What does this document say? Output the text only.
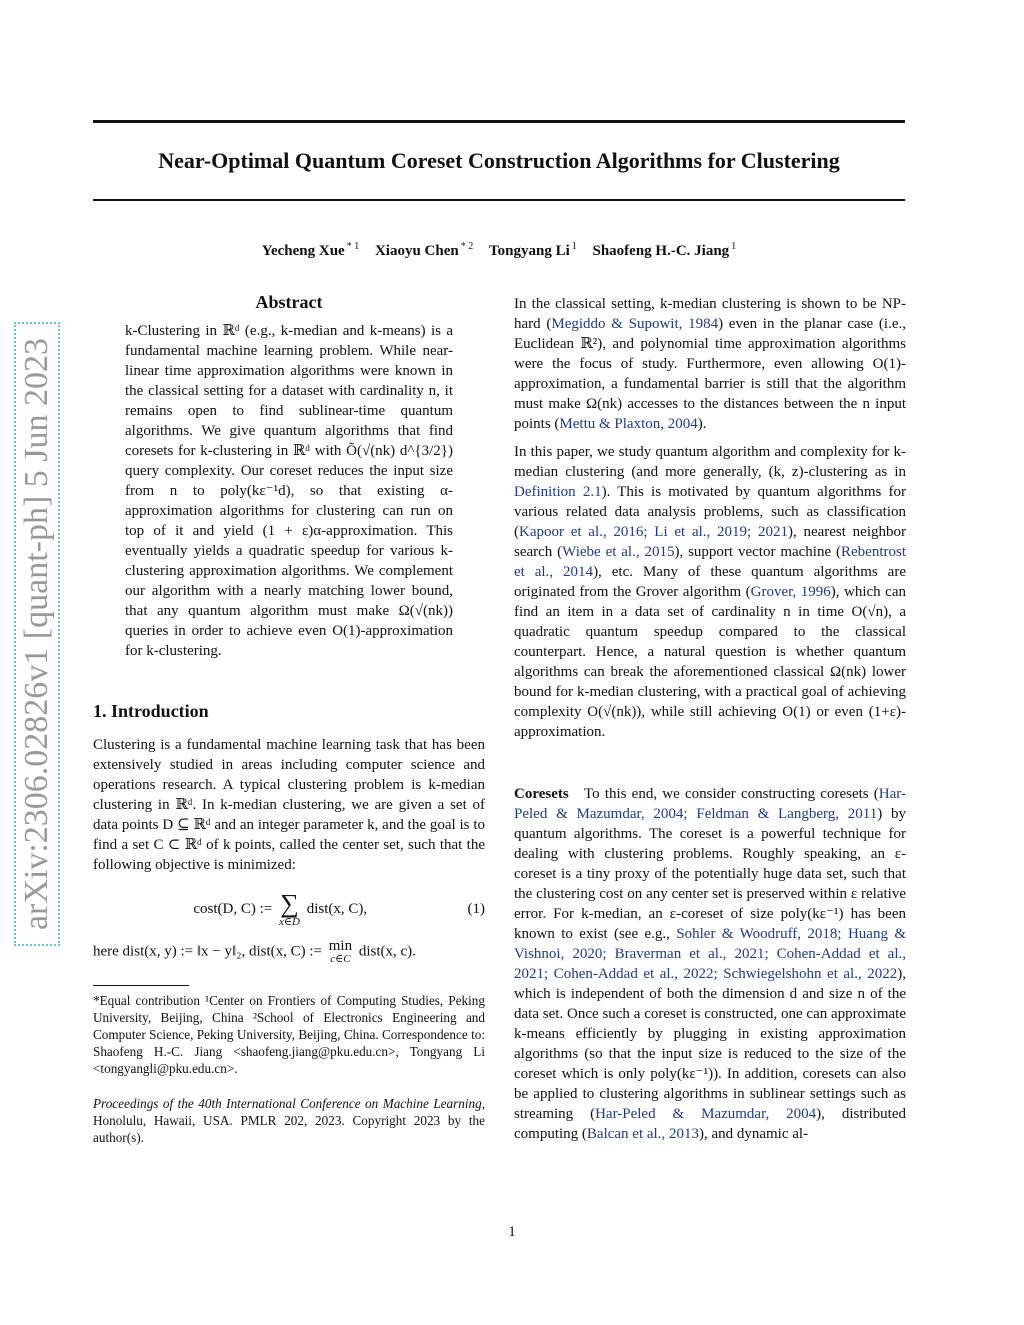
Near-Optimal Quantum Coreset Construction Algorithms for Clustering
Yecheng Xue $^{* 1}$ Xiaoyu Chen $^{* 2}$ Tongyang Li $^1$ Shaofeng H.-C. Jiang $^1$
arXiv:2306.02826v1 [quant-ph] 5 Jun 2023
Abstract

k-Clustering in ℝᵈ (e.g., k-median and k-means) is a fundamental machine learning problem. While near-linear time approximation algorithms were known in the classical setting for a dataset with cardinality n, it remains open to find sublinear-time quantum algorithms. We give quantum algorithms that find coresets for k-clustering in ℝᵈ with Õ(√(nk) d^{3/2}) query complexity. Our coreset reduces the input size from n to poly(kε⁻¹d), so that existing α-approximation algorithms for clustering can run on top of it and yield (1 + ε)α-approximation. This eventually yields a quadratic speedup for various k-clustering approximation algorithms. We complement our algorithm with a nearly matching lower bound, that any quantum algorithm must make Ω(√(nk)) queries in order to achieve even O(1)-approximation for k-clustering.

1. Introduction

Clustering is a fundamental machine learning task that has been extensively studied in areas including computer science and operations research. A typical clustering problem is k-median clustering in ℝᵈ. In k-median clustering, we are given a set of data points D ⊆ ℝᵈ and an integer parameter k, and the goal is to find a set C ⊂ ℝᵈ of k points, called the center set, such that the following objective is minimized:

cost(D, C) := ∑
x∈D
dist(x, C),	(1)

here dist(x, y) := ‖x − y‖₂, dist(x, C) := min
c∈C dist(x, c).

*Equal contribution ¹Center on Frontiers of Computing Studies, Peking University, Beijing, China ²School of Electronics Engineering and Computer Science, Peking University, Beijing, China. Correspondence to: Shaofeng H.-C. Jiang <shaofeng.jiang@pku.edu.cn>, Tongyang Li <tongyangli@pku.edu.cn>.

Proceedings of the 40th International Conference on Machine Learning, Honolulu, Hawaii, USA. PMLR 202, 2023. Copyright 2023 by the author(s).

In the classical setting, k-median clustering is shown to be NP-hard (Megiddo & Supowit, 1984) even in the planar case (i.e., Euclidean ℝ²), and polynomial time approximation algorithms were the focus of study. Furthermore, even allowing O(1)-approximation, a fundamental barrier is still that the algorithm must make Ω(nk) accesses to the distances between the n input points (Mettu & Plaxton, 2004).

In this paper, we study quantum algorithm and complexity for k-median clustering (and more generally, (k, z)-clustering as in Definition 2.1). This is motivated by quantum algorithms for various related data analysis problems, such as classification (Kapoor et al., 2016; Li et al., 2019; 2021), nearest neighbor search (Wiebe et al., 2015), support vector machine (Rebentrost et al., 2014), etc. Many of these quantum algorithms are originated from the Grover algorithm (Grover, 1996), which can find an item in a data set of cardinality n in time O(√n), a quadratic quantum speedup compared to the classical counterpart. Hence, a natural question is whether quantum algorithms can break the aforementioned classical Ω(nk) lower bound for k-median clustering, with a practical goal of achieving complexity O(√(nk)), while still achieving O(1) or even (1+ε)-approximation.

Coresets To this end, we consider constructing coresets (Har-Peled & Mazumdar, 2004; Feldman & Langberg, 2011) by quantum algorithms. The coreset is a powerful technique for dealing with clustering problems. Roughly speaking, an ε-coreset is a tiny proxy of the potentially huge data set, such that the clustering cost on any center set is preserved within ε relative error. For k-median, an ε-coreset of size poly(kε⁻¹) has been known to exist (see e.g., Sohler & Woodruff, 2018; Huang & Vishnoi, 2020; Braverman et al., 2021; Cohen-Addad et al., 2021; Cohen-Addad et al., 2022; Schwiegelshohn et al., 2022), which is independent of both the dimension d and size n of the data set. Once such a coreset is constructed, one can approximate k-means efficiently by plugging in existing approximation algorithms (so that the input size is reduced to the size of the coreset which is only poly(kε⁻¹)). In addition, coresets can also be applied to clustering algorithms in sublinear settings such as streaming (Har-Peled & Mazumdar, 2004), distributed computing (Balcan et al., 2013), and dynamic al-

1
